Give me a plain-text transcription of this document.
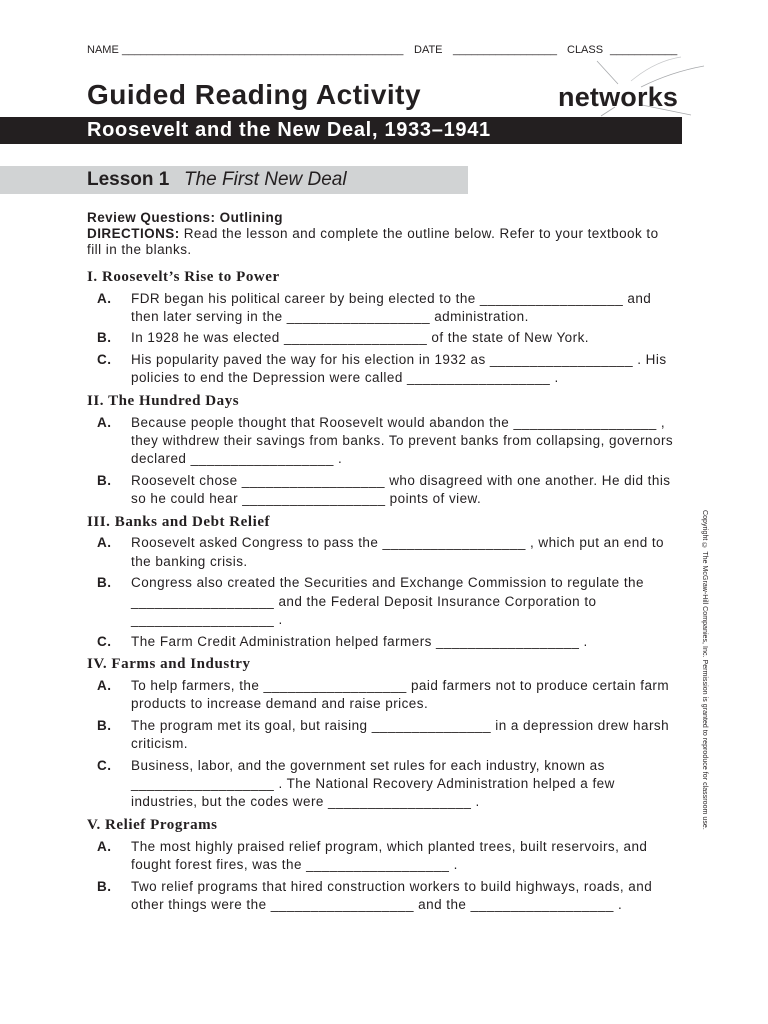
NAME ______________________________________________ DATE _________________ CLASS ___________
Guided Reading Activity	networks
Roosevelt and the New Deal, 1933–1941
Lesson 1 The First New Deal
Review Questions: Outlining
DIRECTIONS: Read the lesson and complete the outline below. Refer to your textbook to
fill in the blanks.
I. Roosevelt’s Rise to Power
A. FDR began his political career by being elected to the __________________ and
then later serving in the __________________ administration.
B. In 1928 he was elected __________________ of the state of New York.
C. His popularity paved the way for his election in 1932 as __________________ . His
policies to end the Depression were called __________________ .
II. The Hundred Days
A. Because people thought that Roosevelt would abandon the __________________ ,
they withdrew their savings from banks. To prevent banks from collapsing, governors
declared __________________ .
B. Roosevelt chose __________________ who disagreed with one another. He did this
so he could hear __________________ points of view.
III. Banks and Debt Relief
A. Roosevelt asked Congress to pass the __________________ , which put an end to
the banking crisis.
B. Congress also created the Securities and Exchange Commission to regulate the
__________________ and the Federal Deposit Insurance Corporation to
__________________ .
C. The Farm Credit Administration helped farmers __________________ .
IV. Farms and Industry
A. To help farmers, the __________________ paid farmers not to produce certain farm
products to increase demand and raise prices.
B. The program met its goal, but raising _______________ in a depression drew harsh
criticism.
C. Business, labor, and the government set rules for each industry, known as
__________________ . The National Recovery Administration helped a few
industries, but the codes were __________________ .
V. Relief Programs
A. The most highly praised relief program, which planted trees, built reservoirs, and
fought forest fires, was the __________________ .
B. Two relief programs that hired construction workers to build highways, roads, and
other things were the __________________ and the __________________ .
Copyright © The McGraw-Hill Companies, Inc. Permission is granted to reproduce for classroom use.
